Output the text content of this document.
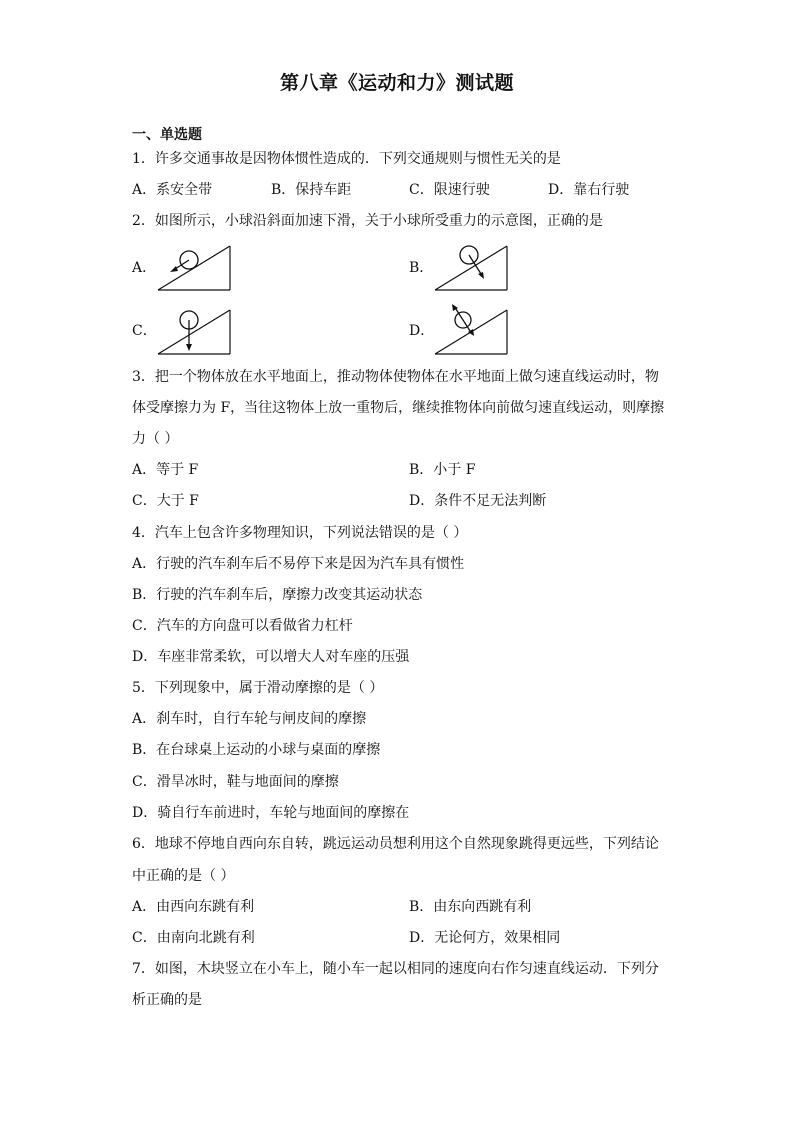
第八章《运动和力》测试题
一、单选题
1．许多交通事故是因物体惯性造成的．下列交通规则与惯性无关的是
A．系安全带	B．保持车距	C．限速行驶	D．靠右行驶
2．如图所示，小球沿斜面加速下滑，关于小球所受重力的示意图，正确的是
A．	B．
C．	D．
3．把一个物体放在水平地面上，推动物体使物体在水平地面上做匀速直线运动时，物
体受摩擦力为 F，当往这物体上放一重物后，继续推物体向前做匀速直线运动，则摩擦
力（ ）
A．等于 F	B．小于 F
C．大于 F	D．条件不足无法判断
4．汽车上包含许多物理知识，下列说法错误的是（ ）
A．行驶的汽车刹车后不易停下来是因为汽车具有惯性
B．行驶的汽车刹车后，摩擦力改变其运动状态
C．汽车的方向盘可以看做省力杠杆
D．车座非常柔软，可以增大人对车座的压强
5．下列现象中，属于滑动摩擦的是（ ）
A．刹车时，自行车轮与闸皮间的摩擦
B．在台球桌上运动的小球与桌面的摩擦
C．滑旱冰时，鞋与地面间的摩擦
D．骑自行车前进时，车轮与地面间的摩擦在
6．地球不停地自西向东自转，跳远运动员想利用这个自然现象跳得更远些，下列结论
中正确的是（ ）
A．由西向东跳有利	B．由东向西跳有利
C．由南向北跳有利	D．无论何方，效果相同
7．如图，木块竖立在小车上，随小车一起以相同的速度向右作匀速直线运动．下列分
析正确的是
